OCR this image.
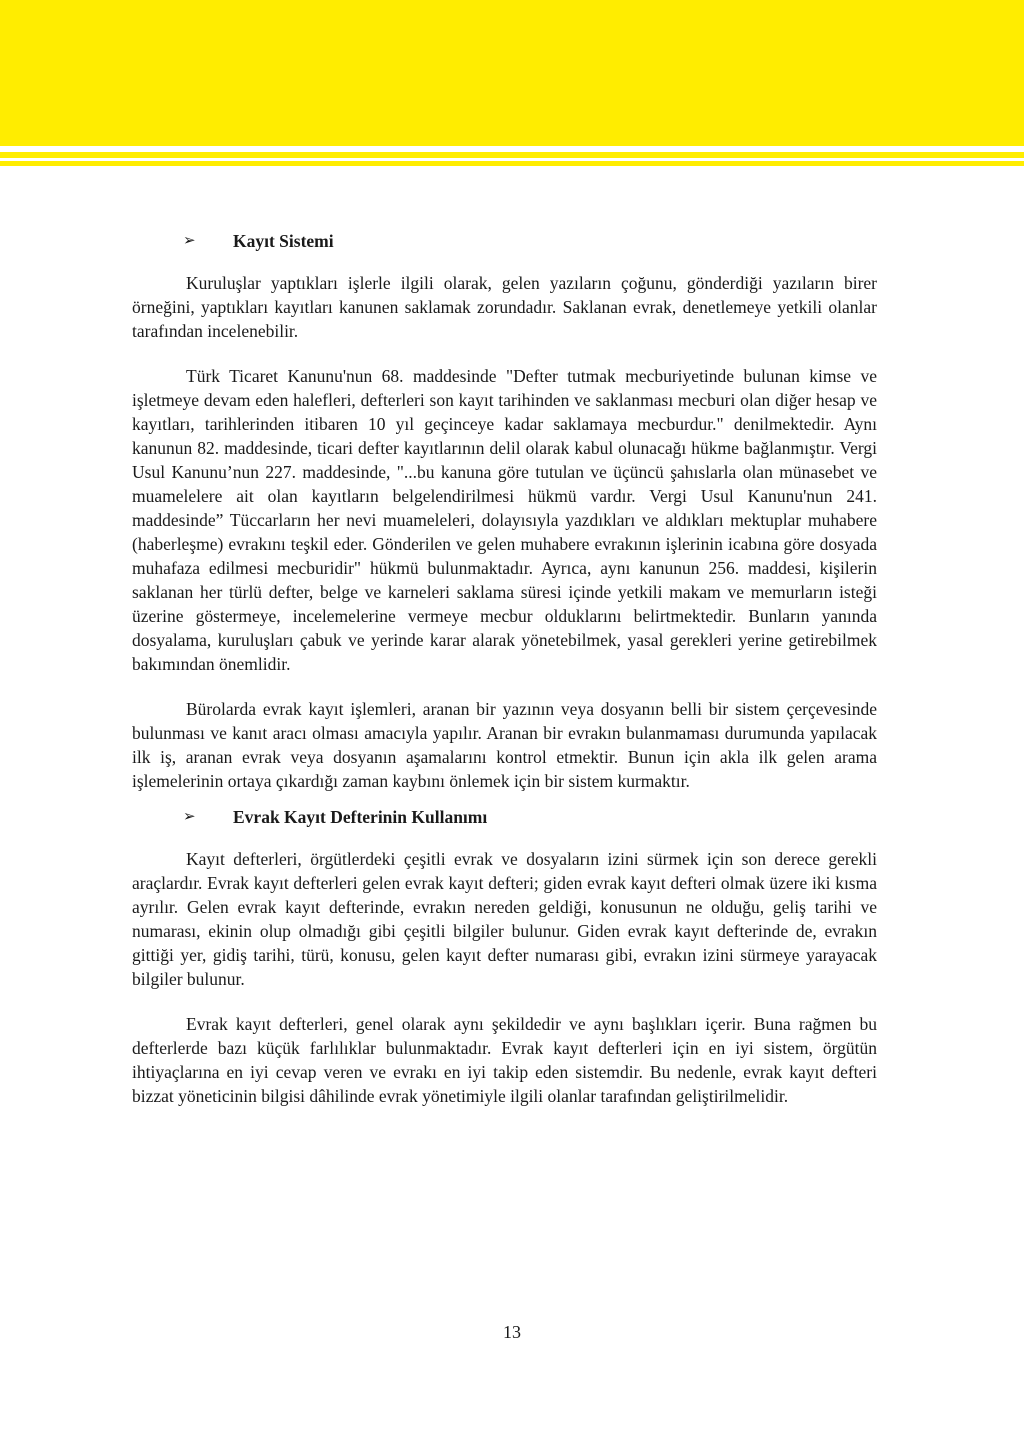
➢ Kayıt Sistemi

Kuruluşlar yaptıkları işlerle ilgili olarak, gelen yazıların çoğunu, gönderdiği yazıların birer örneğini, yaptıkları kayıtları kanunen saklamak zorundadır. Saklanan evrak, denetlemeye yetkili olanlar tarafından incelenebilir.

Türk Ticaret Kanunu'nun 68. maddesinde "Defter tutmak mecburiyetinde bulunan kimse ve işletmeye devam eden halefleri, defterleri son kayıt tarihinden ve saklanması mecburi olan diğer hesap ve kayıtları, tarihlerinden itibaren 10 yıl geçinceye kadar saklamaya mecburdur." denilmektedir. Aynı kanunun 82. maddesinde, ticari defter kayıtlarının delil olarak kabul olunacağı hükme bağlanmıştır. Vergi Usul Kanunu’nun 227. maddesinde, "...bu kanuna göre tutulan ve üçüncü şahıslarla olan münasebet ve muamelelere ait olan kayıtların belgelendirilmesi hükmü vardır. Vergi Usul Kanunu'nun 241. maddesinde” Tüccarların her nevi muameleleri, dolayısıyla yazdıkları ve aldıkları mektuplar muhabere (haberleşme) evrakını teşkil eder. Gönderilen ve gelen muhabere evrakının işlerinin icabına göre dosyada muhafaza edilmesi mecburidir" hükmü bulunmaktadır. Ayrıca, aynı kanunun 256. maddesi, kişilerin saklanan her türlü defter, belge ve karneleri saklama süresi içinde yetkili makam ve memurların isteği üzerine göstermeye, incelemelerine vermeye mecbur olduklarını belirtmektedir. Bunların yanında dosyalama, kuruluşları çabuk ve yerinde karar alarak yönetebilmek, yasal gerekleri yerine getirebilmek bakımından önemlidir.

Bürolarda evrak kayıt işlemleri, aranan bir yazının veya dosyanın belli bir sistem çerçevesinde bulunması ve kanıt aracı olması amacıyla yapılır. Aranan bir evrakın bulanmaması durumunda yapılacak ilk iş, aranan evrak veya dosyanın aşamalarını kontrol etmektir. Bunun için akla ilk gelen arama işlemelerinin ortaya çıkardığı zaman kaybını önlemek için bir sistem kurmaktır.

➢ Evrak Kayıt Defterinin Kullanımı

Kayıt defterleri, örgütlerdeki çeşitli evrak ve dosyaların izini sürmek için son derece gerekli araçlardır. Evrak kayıt defterleri gelen evrak kayıt defteri; giden evrak kayıt defteri olmak üzere iki kısma ayrılır. Gelen evrak kayıt defterinde, evrakın nereden geldiği, konusunun ne olduğu, geliş tarihi ve numarası, ekinin olup olmadığı gibi çeşitli bilgiler bulunur. Giden evrak kayıt defterinde de, evrakın gittiği yer, gidiş tarihi, türü, konusu, gelen kayıt defter numarası gibi, evrakın izini sürmeye yarayacak bilgiler bulunur.

Evrak kayıt defterleri, genel olarak aynı şekildedir ve aynı başlıkları içerir. Buna rağmen bu defterlerde bazı küçük farlılıklar bulunmaktadır. Evrak kayıt defterleri için en iyi sistem, örgütün ihtiyaçlarına en iyi cevap veren ve evrakı en iyi takip eden sistemdir. Bu nedenle, evrak kayıt defteri bizzat yöneticinin bilgisi dâhilinde evrak yönetimiyle ilgili olanlar tarafından geliştirilmelidir.

13
